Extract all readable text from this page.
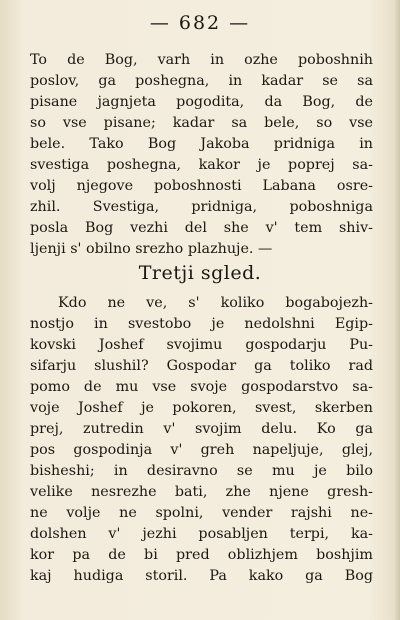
— 682 —
To de Bog, varh in ozhe poboshnih
poslov, ga poshegna, in kadar se sa
pisane jagnjeta pogodita, da Bog, de
so vse pisane; kadar sa bele, so vse
bele. Tako Bog Jakoba pridniga in
svestiga poshegna, kakor je poprej sa-
volj njegove poboshnosti Labana osre-
zhil. Svestiga, pridniga, poboshniga
posla Bog vezhi del she v' tem shiv-
ljenji s' obilno srezho plazhuje. —
Tretji sgled.
Kdo ne ve, s' koliko bogabojezh-
nostjo in svestobo je nedolshni Egip-
kovski Joshef svojimu gospodarju Pu-
sifarju slushil? Gospodar ga toliko rad
pomo de mu vse svoje gospodarstvo sa-
voje Joshef je pokoren, svest, skerben
prej, zutredin v' svojim delu. Ko ga
pos gospodinja v' greh napeljuje, glej,
bisheshi; in desiravno se mu je bilo
velike nesrezhe bati, zhe njene gresh-
ne volje ne spolni, vender rajshi ne-
dolshen v' jezhi posabljen terpi, ka-
kor pa de bi pred oblizhjem boshjim
kaj hudiga storil. Pa kako ga Bog
